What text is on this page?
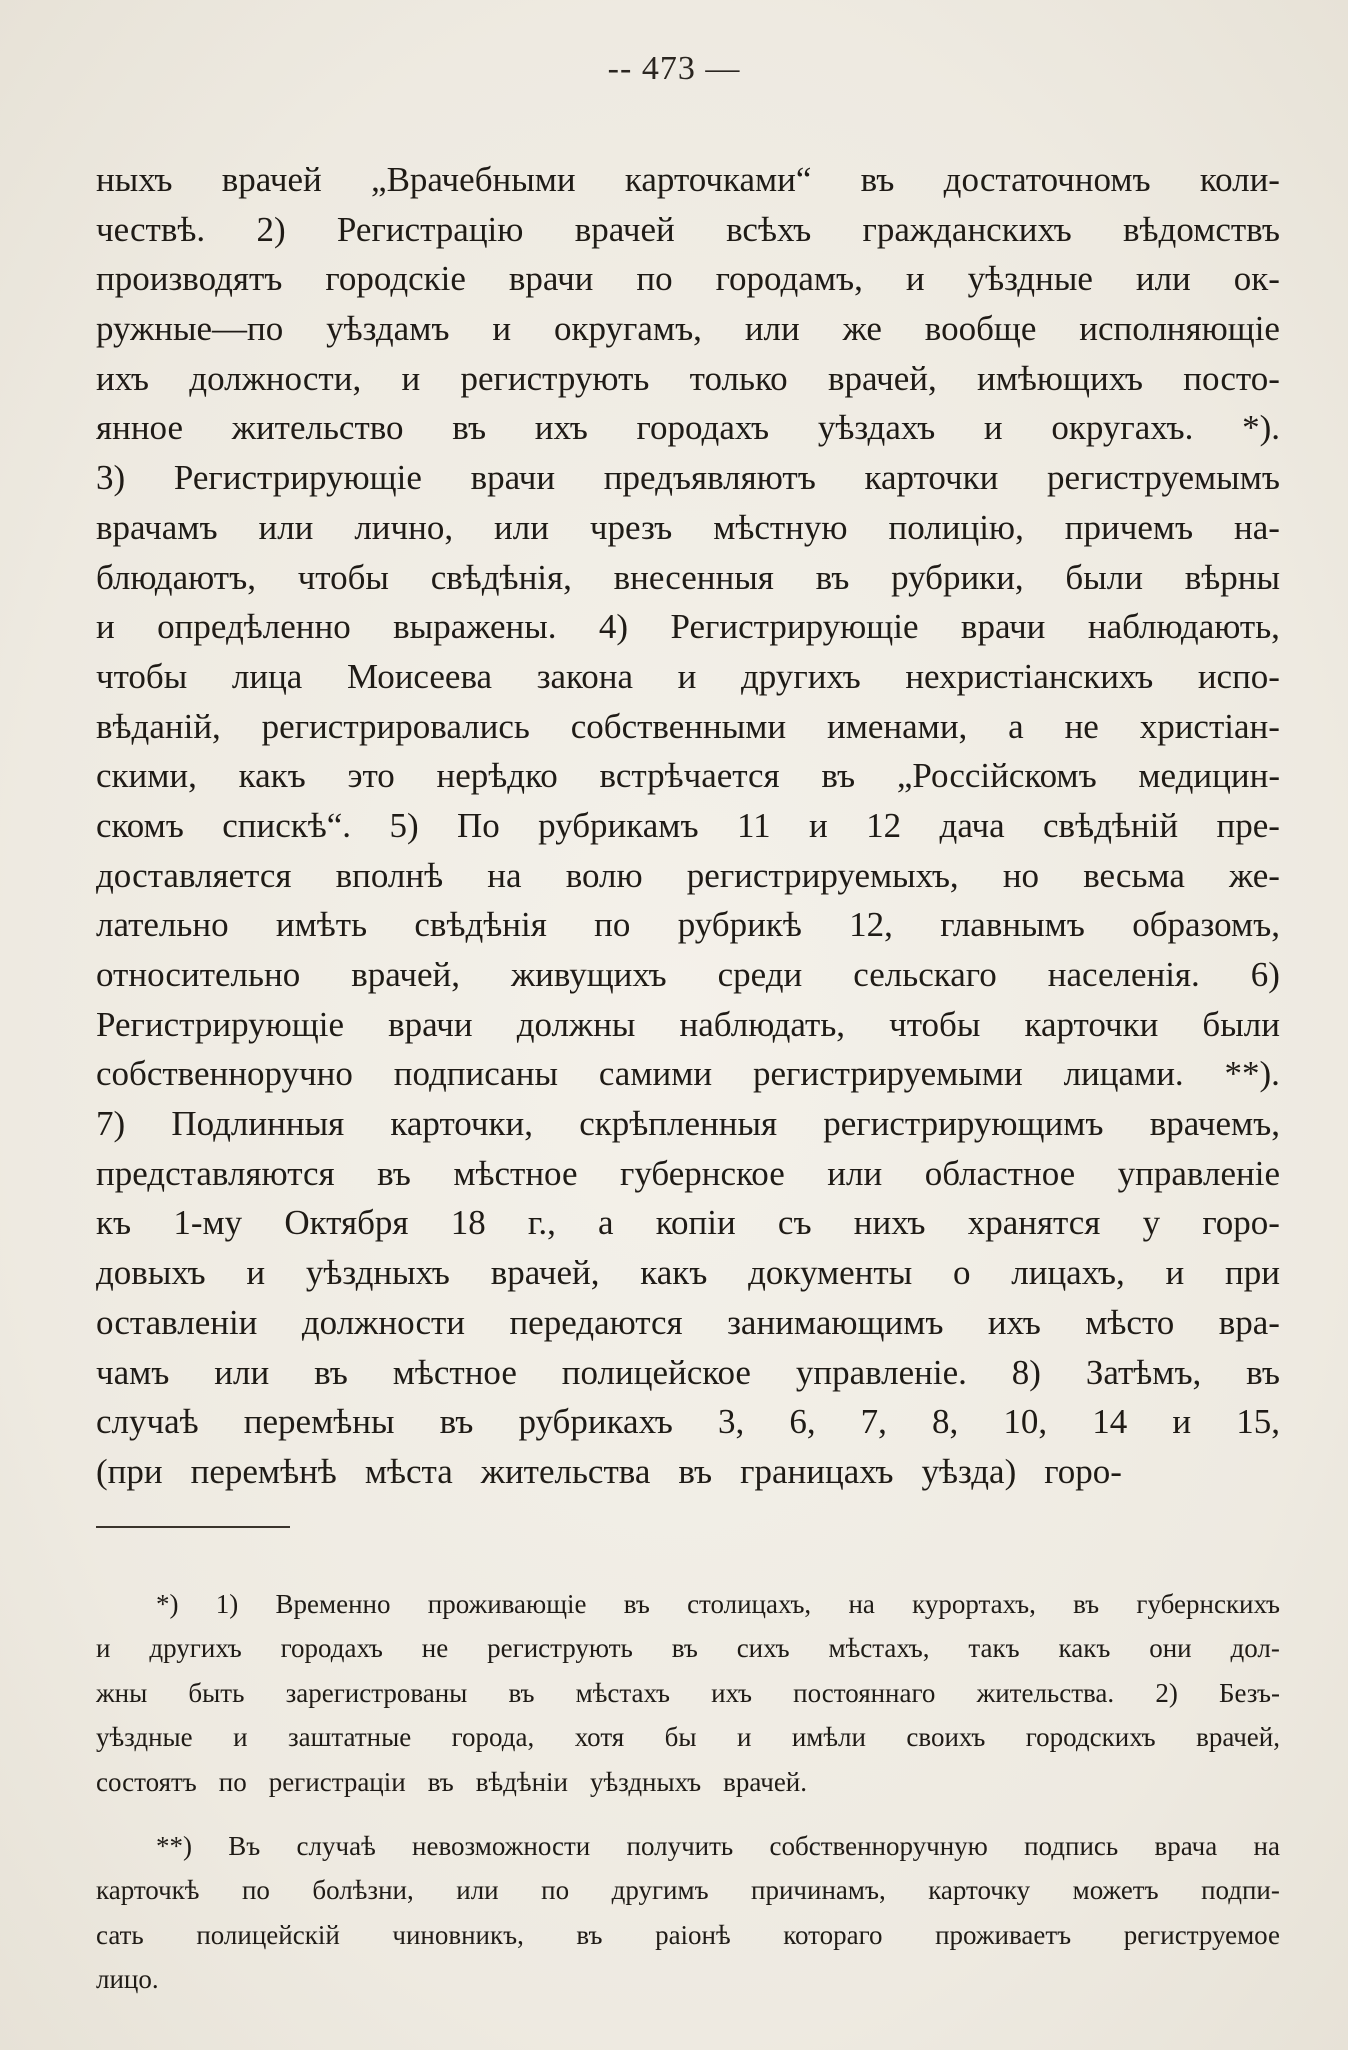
-- 473 —
ныхъ врачей „Врачебными карточками“ въ достаточномъ коли-
чествѣ. 2) Регистрацію врачей всѣхъ гражданскихъ вѣдомствъ
производятъ городскіе врачи по городамъ, и уѣздные или ок-
ружные—по уѣздамъ и округамъ, или же вообще исполняющіе
ихъ должности, и региструють только врачей, имѣющихъ посто-
янное жительство въ ихъ городахъ уѣздахъ и округахъ. *).
3) Регистрирующіе врачи предъявляютъ карточки региструемымъ
врачамъ или лично, или чрезъ мѣстную полицію, причемъ на-
блюдаютъ, чтобы свѣдѣнія, внесенныя въ рубрики, были вѣрны
и опредѣленно выражены. 4) Регистрирующіе врачи наблюдають,
чтобы лица Моисеева закона и другихъ нехристіанскихъ испо-
вѣданій, регистрировались собственными именами, а не христіан-
скими, какъ это нерѣдко встрѣчается въ „Россійскомъ медицин-
скомъ спискѣ“. 5) По рубрикамъ 11 и 12 дача свѣдѣній пре-
доставляется вполнѣ на волю регистрируемыхъ, но весьма же-
лательно имѣть свѣдѣнія по рубрикѣ 12, главнымъ образомъ,
относительно врачей, живущихъ среди сельскаго населенія. 6)
Регистрирующіе врачи должны наблюдать, чтобы карточки были
собственноручно подписаны самими регистрируемыми лицами. **).
7) Подлинныя карточки, скрѣпленныя регистрирующимъ врачемъ,
представляются въ мѣстное губернское или областное управленіе
къ 1-му Октября 18 г., а копіи съ нихъ хранятся у горо-
довыхъ и уѣздныхъ врачей, какъ документы о лицахъ, и при
оставленіи должности передаются занимающимъ ихъ мѣсто вра-
чамъ или въ мѣстное полицейское управленіе. 8) Затѣмъ, въ
случаѣ перемѣны въ рубрикахъ 3, 6, 7, 8, 10, 14 и 15,
(при перемѣнѣ мѣста жительства въ границахъ уѣзда) горо-
*) 1) Временно проживающіе въ столицахъ, на курортахъ, въ губернскихъ
и другихъ городахъ не региструють въ сихъ мѣстахъ, такъ какъ они дол-
жны быть зарегистрованы въ мѣстахъ ихъ постояннаго жительства. 2) Безъ-
уѣздные и заштатные города, хотя бы и имѣли своихъ городскихъ врачей,
состоятъ по регистраціи въ вѣдѣніи уѣздныхъ врачей.
**) Въ случаѣ невозможности получить собственноручную подпись врача на
карточкѣ по болѣзни, или по другимъ причинамъ, карточку можетъ подпи-
сать полицейскій чиновникъ, въ раіонѣ котораго проживаетъ региструемое
лицо.
